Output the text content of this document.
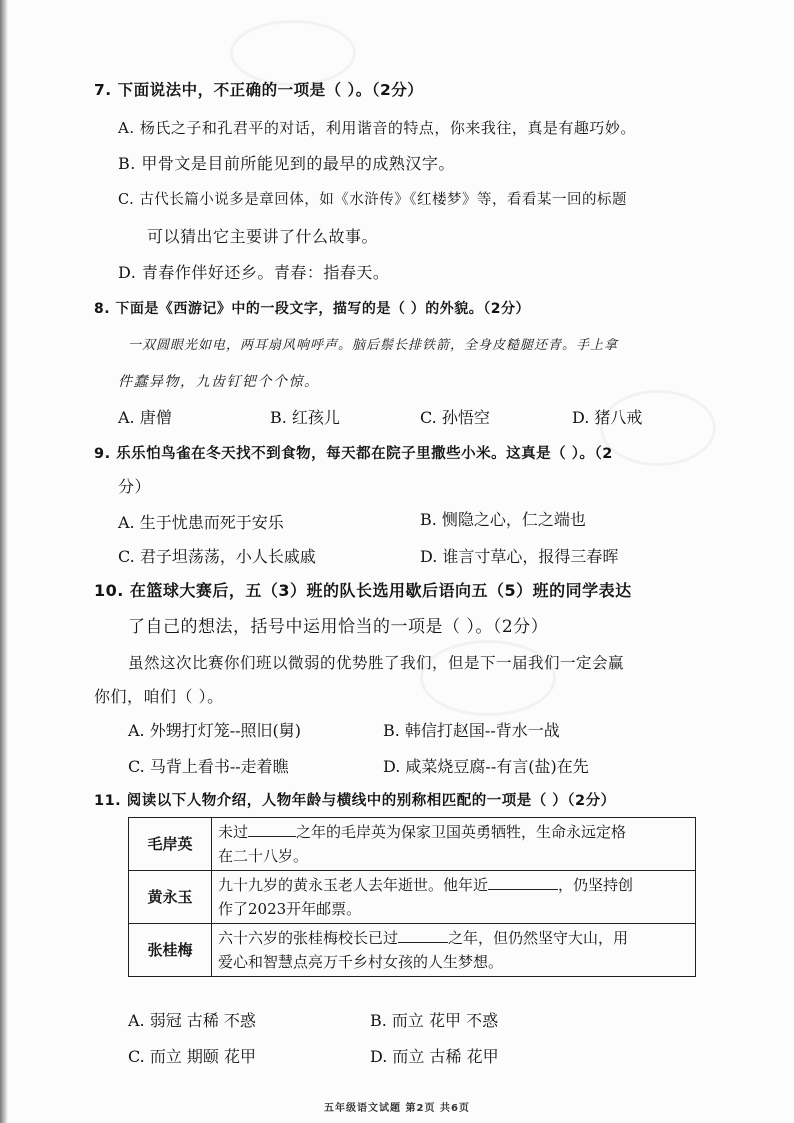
7. 下面说法中，不正确的一项是（ ）。（2分）
A. 杨氏之子和孔君平的对话，利用谐音的特点，你来我往，真是有趣巧妙。
B. 甲骨文是目前所能见到的最早的成熟汉字。
C. 古代长篇小说多是章回体，如《水浒传》《红楼梦》等，看看某一回的标题
可以猜出它主要讲了什么故事。
D. 青春作伴好还乡。青春：指春天。
8. 下面是《西游记》中的一段文字，描写的是（ ）的外貌。（2分）
一双圆眼光如电，两耳扇风响呼声。脑后鬃长排铁箭，全身皮糙腿还青。手上拿
件蠢异物，九齿钉钯个个惊。
A. 唐僧	B. 红孩儿	C. 孙悟空	D. 猪八戒
9. 乐乐怕鸟雀在冬天找不到食物，每天都在院子里撒些小米。这真是（ ）。（2
分）
A. 生于忧患而死于安乐	B. 恻隐之心，仁之端也
C. 君子坦荡荡，小人长戚戚	D. 谁言寸草心，报得三春晖
10. 在篮球大赛后，五（3）班的队长选用歇后语向五（5）班的同学表达
了自己的想法，括号中运用恰当的一项是（ ）。（2分）
虽然这次比赛你们班以微弱的优势胜了我们，但是下一届我们一定会赢
你们，咱们（ ）。
A. 外甥打灯笼--照旧(舅)	B. 韩信打赵国--背水一战
C. 马背上看书--走着瞧	D. 咸菜烧豆腐--有言(盐)在先
11. 阅读以下人物介绍，人物年龄与横线中的别称相匹配的一项是（ ）（2分）
毛岸英	未过 之年的毛岸英为保家卫国英勇牺牲，生命永远定格
在二十八岁。
黄永玉	九十九岁的黄永玉老人去年逝世。他年近 ，仍坚持创
作了2023开年邮票。
张桂梅	六十六岁的张桂梅校长已过 之年，但仍然坚守大山，用
爱心和智慧点亮万千乡村女孩的人生梦想。
A. 弱冠 古稀 不惑	B. 而立 花甲 不惑
C. 而立 期颐 花甲	D. 而立 古稀 花甲
五年级语文试题 第2页 共6页
